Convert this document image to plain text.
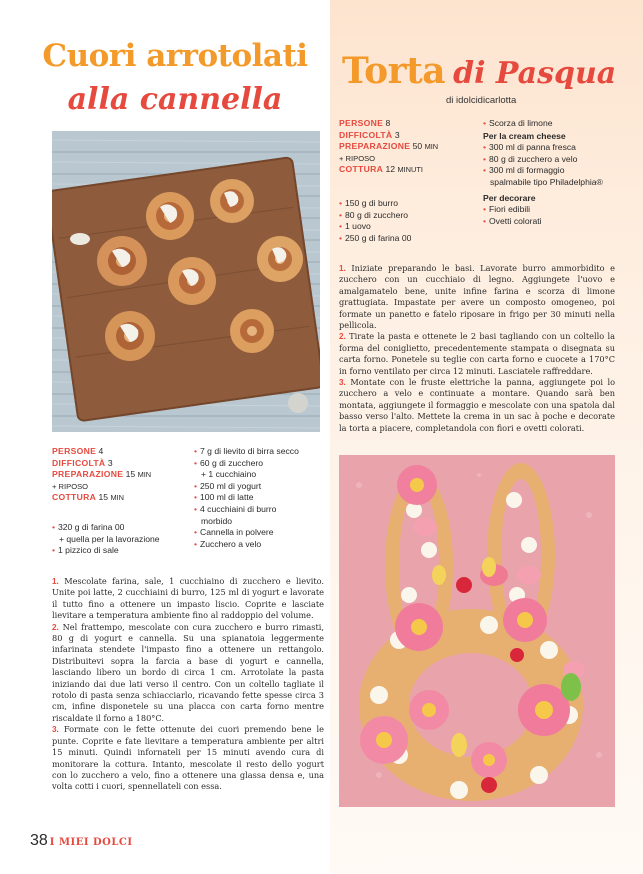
Cuori arrotolati
alla cannella
Torta di Pasqua
di idolcidicarlotta
PERSONE 4
DIFFICOLTÀ 3
PREPARAZIONE 15 MIN
+ RIPOSO
COTTURA 15 MIN
• 320 g di farina 00
+ quella per la lavorazione
• 1 pizzico di sale
• 7 g di lievito di birra secco
• 60 g di zucchero
+ 1 cucchiaino
• 250 ml di yogurt
• 100 ml di latte
• 4 cucchiaini di burro
morbido
• Cannella in polvere
• Zucchero a velo

1. Mescolate farina, sale, 1 cucchiaino di zucchero e lievito. Unite poi latte, 2 cucchiaini di burro, 125 ml di yogurt e lavorate il tutto fino a ottenere un impasto liscio. Coprite e lasciate lievitare a temperatura ambiente fino al raddoppio del volume.

2. Nel frattempo, mescolate con cura zucchero e burro rimasti, 80 g di yogurt e cannella. Su una spianatoia leggermente infarinata stendete l'impasto fino a ottenere un rettangolo. Distribuitevi sopra la farcia a base di yogurt e cannella, lasciando libero un bordo di circa 1 cm. Arrotolate la pasta iniziando dai due lati verso il centro. Con un coltello tagliate il rotolo di pasta senza schiacciarlo, ricavando fette spesse circa 3 cm, infine disponetele su una placca con carta forno mentre riscaldate il forno a 180°C.

3. Formate con le fette ottenute dei cuori premendo bene le punte. Coprite e fate lievitare a temperatura ambiente per altri 15 minuti. Quindi infornateli per 15 minuti avendo cura di monitorare la cottura. Intanto, mescolate il resto dello yogurt con lo zucchero a velo, fino a ottenere una glassa densa e, una volta cotti i cuori, spennellateli con essa.

PERSONE 8
DIFFICOLTÀ 3
PREPARAZIONE 50 MIN
+ RIPOSO
COTTURA 12 MINUTI
• 150 g di burro
• 80 g di zucchero
• 1 uovo
• 250 g di farina 00
• Scorza di limone
Per la cream cheese
• 300 ml di panna fresca
• 80 g di zucchero a velo
• 300 ml di formaggio
spalmabile tipo Philadelphia®
Per decorare
• Fiori edibili
• Ovetti colorati

1. Iniziate preparando le basi. Lavorate burro ammorbidito e zucchero con un cucchiaio di legno. Aggiungete l'uovo e amalgamatelo bene, unite infine farina e scorza di limone grattugiata. Impastate per avere un composto omogeneo, poi formate un panetto e fatelo riposare in frigo per 30 minuti nella pellicola.

2. Tirate la pasta e ottenete le 2 basi tagliando con un coltello la forma del coniglietto, precedentemente stampata o disegnata su carta forno. Ponetele su teglie con carta forno e cuocete a 170°C in forno ventilato per circa 12 minuti. Lasciatele raffreddare.

3. Montate con le fruste elettriche la panna, aggiungete poi lo zucchero a velo e continuate a montare. Quando sarà ben montata, aggiungete il formaggio e mescolate con una spatola dal basso verso l'alto. Mettete la crema in un sac à poche e decorate la torta a piacere, completandola con fiori e ovetti colorati.

38 I MIEI DOLCI
